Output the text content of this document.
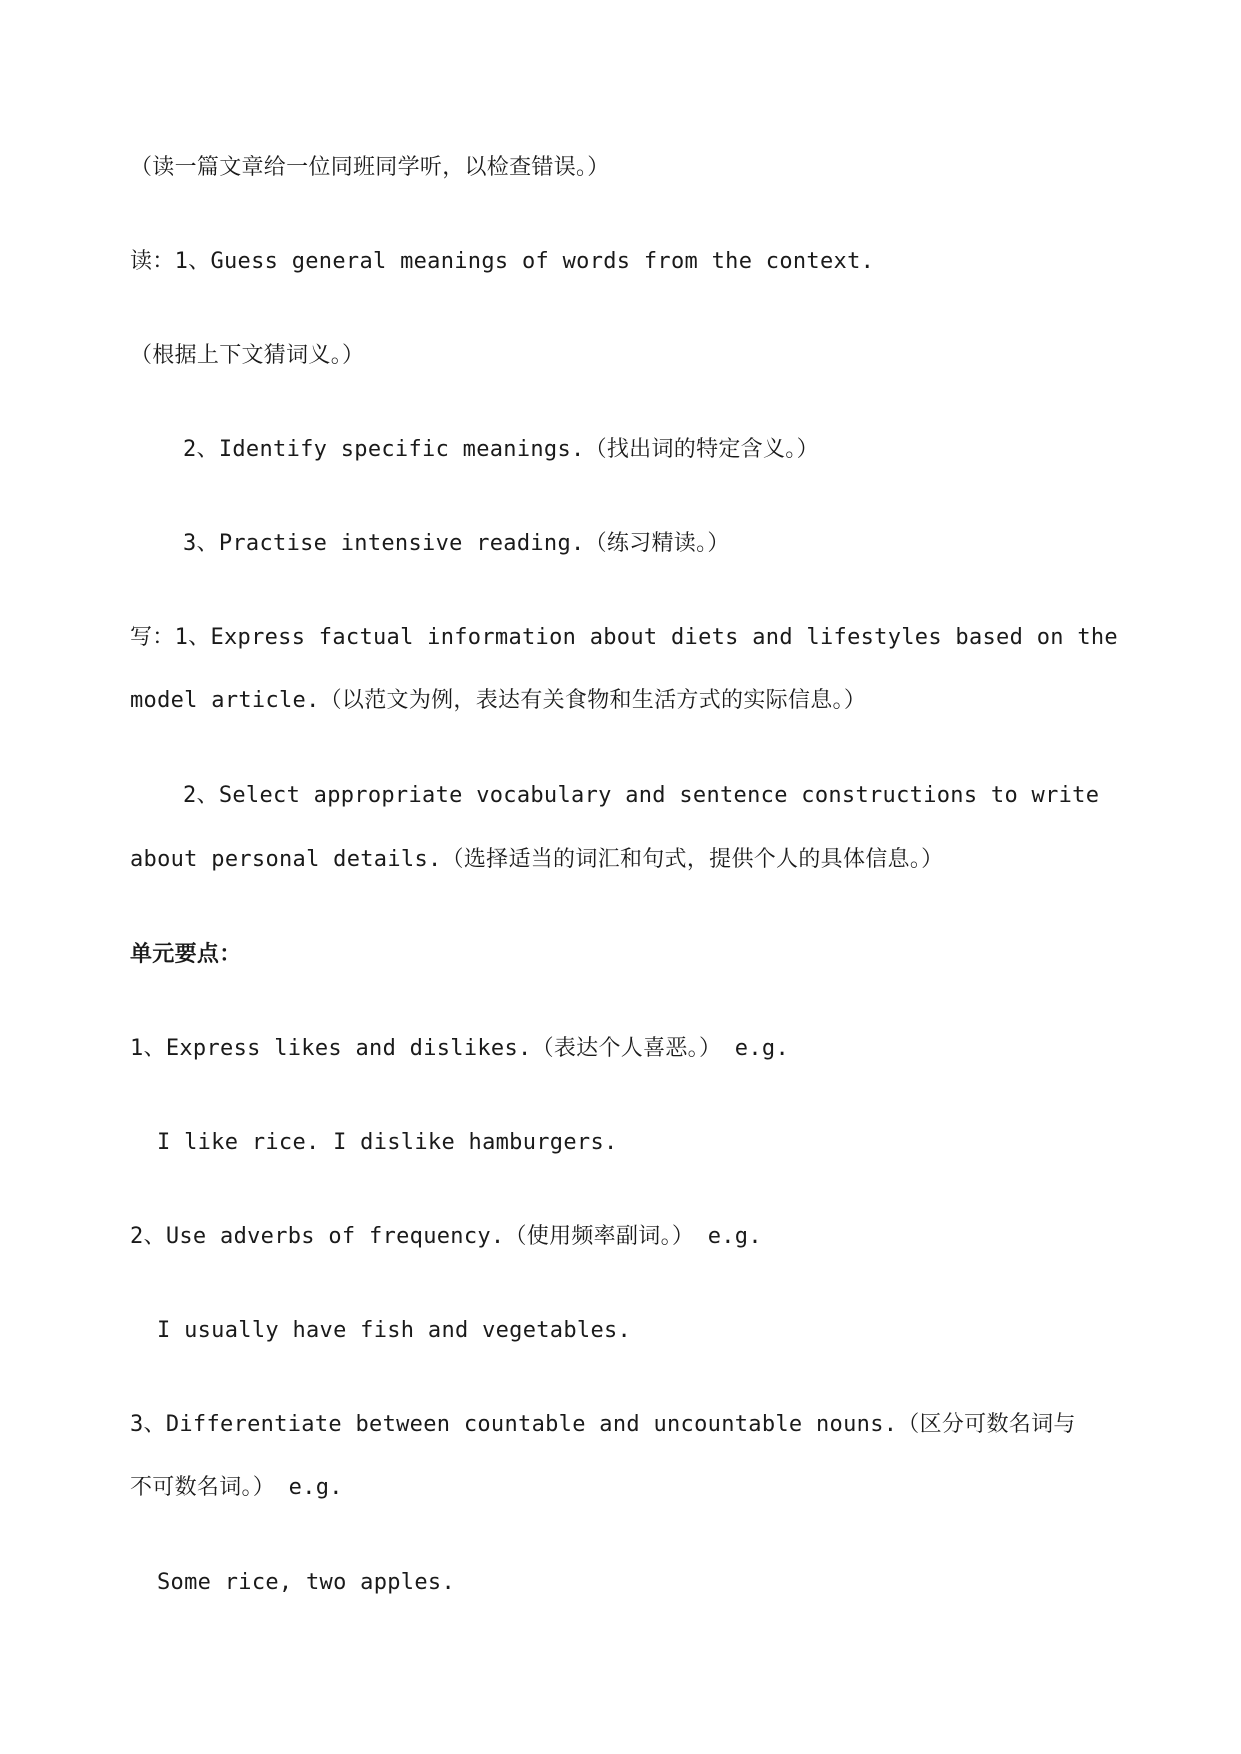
（读一篇文章给一位同班同学听，以检查错误。）
读：1、Guess general meanings of words from the context.
（根据上下文猜词义。）
2、Identify specific meanings.（找出词的特定含义。）
3、Practise intensive reading.（练习精读。）
写：1、Express factual information about diets and lifestyles based on the
model article.（以范文为例，表达有关食物和生活方式的实际信息。）
2、Select appropriate vocabulary and sentence constructions to write
about personal details.（选择适当的词汇和句式，提供个人的具体信息。）
单元要点：
1、Express likes and dislikes.（表达个人喜恶。） e.g.
I like rice. I dislike hamburgers.
2、Use adverbs of frequency.（使用频率副词。） e.g.
I usually have fish and vegetables.
3、Differentiate between countable and uncountable nouns.（区分可数名词与
不可数名词。） e.g.
Some rice, two apples.
